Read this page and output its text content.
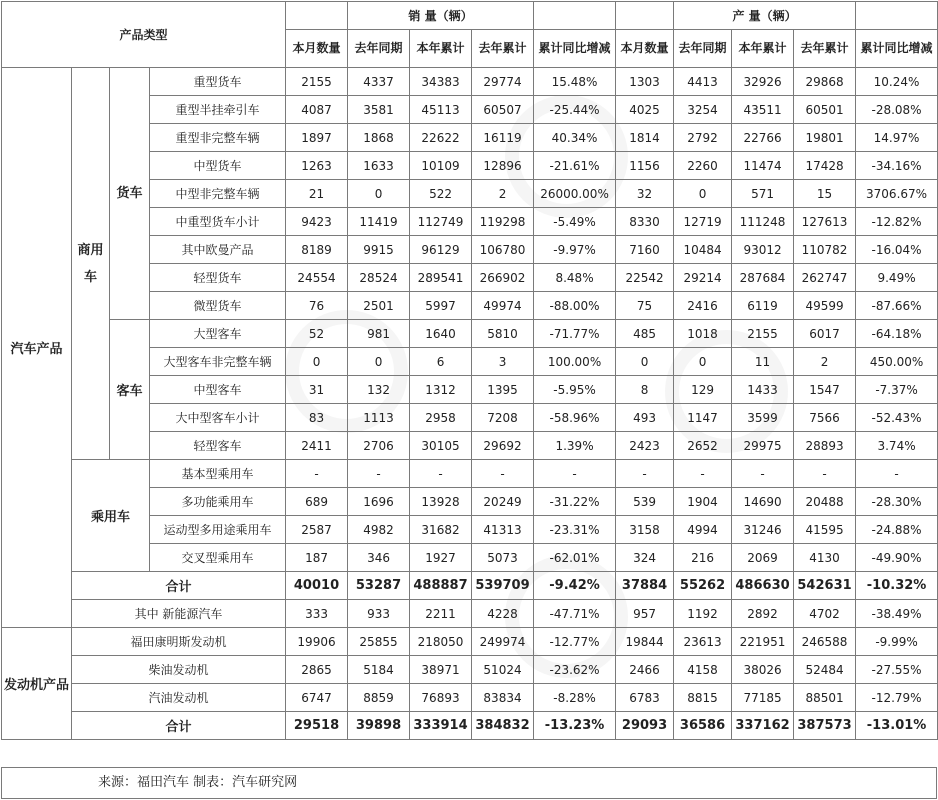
产品类型					销 量（辆）					产 量（辆）			
				本月数量	去年同期	本年累计	去年累计	累计同比增减	本月数量	去年同期	本年累计	去年累计	累计同比增减
汽车产品	商用车	货车	重型货车	2155	4337	34383	29774	15.48%	1303	4413	32926	29868	10.24%
			重型半挂牵引车	4087	3581	45113	60507	-25.44%	4025	3254	43511	60501	-28.08%
			重型非完整车辆	1897	1868	22622	16119	40.34%	1814	2792	22766	19801	14.97%
			中型货车	1263	1633	10109	12896	-21.61%	1156	2260	11474	17428	-34.16%
			中型非完整车辆	21	0	522	2	26000.00%	32	0	571	15	3706.67%
			中重型货车小计	9423	11419	112749	119298	-5.49%	8330	12719	111248	127613	-12.82%
			其中欧曼产品	8189	9915	96129	106780	-9.97%	7160	10484	93012	110782	-16.04%
			轻型货车	24554	28524	289541	266902	8.48%	22542	29214	287684	262747	9.49%
			微型货车	76	2501	5997	49974	-88.00%	75	2416	6119	49599	-87.66%
		客车	大型客车	52	981	1640	5810	-71.77%	485	1018	2155	6017	-64.18%
			大型客车非完整车辆	0	0	6	3	100.00%	0	0	11	2	450.00%
			中型客车	31	132	1312	1395	-5.95%	8	129	1433	1547	-7.37%
			大中型客车小计	83	1113	2958	7208	-58.96%	493	1147	3599	7566	-52.43%
			轻型客车	2411	2706	30105	29692	1.39%	2423	2652	29975	28893	3.74%
	乘用车		基本型乘用车	-	-	-	-	-	-	-	-	-	-
			多功能乘用车	689	1696	13928	20249	-31.22%	539	1904	14690	20488	-28.30%
			运动型多用途乘用车	2587	4982	31682	41313	-23.31%	3158	4994	31246	41595	-24.88%
			交叉型乘用车	187	346	1927	5073	-62.01%	324	216	2069	4130	-49.90%
	合计			40010	53287	488887	539709	-9.42%	37884	55262	486630	542631	-10.32%
	其中 新能源汽车			333	933	2211	4228	-47.71%	957	1192	2892	4702	-38.49%
发动机产品	福田康明斯发动机			19906	25855	218050	249974	-12.77%	19844	23613	221951	246588	-9.99%
	柴油发动机			2865	5184	38971	51024	-23.62%	2466	4158	38026	52484	-27.55%
	汽油发动机			6747	8859	76893	83834	-8.28%	6783	8815	77185	88501	-12.79%
	合计			29518	39898	333914	384832	-13.23%	29093	36586	337162	387573	-13.01%
来源：福田汽车 制表：汽车研究网
